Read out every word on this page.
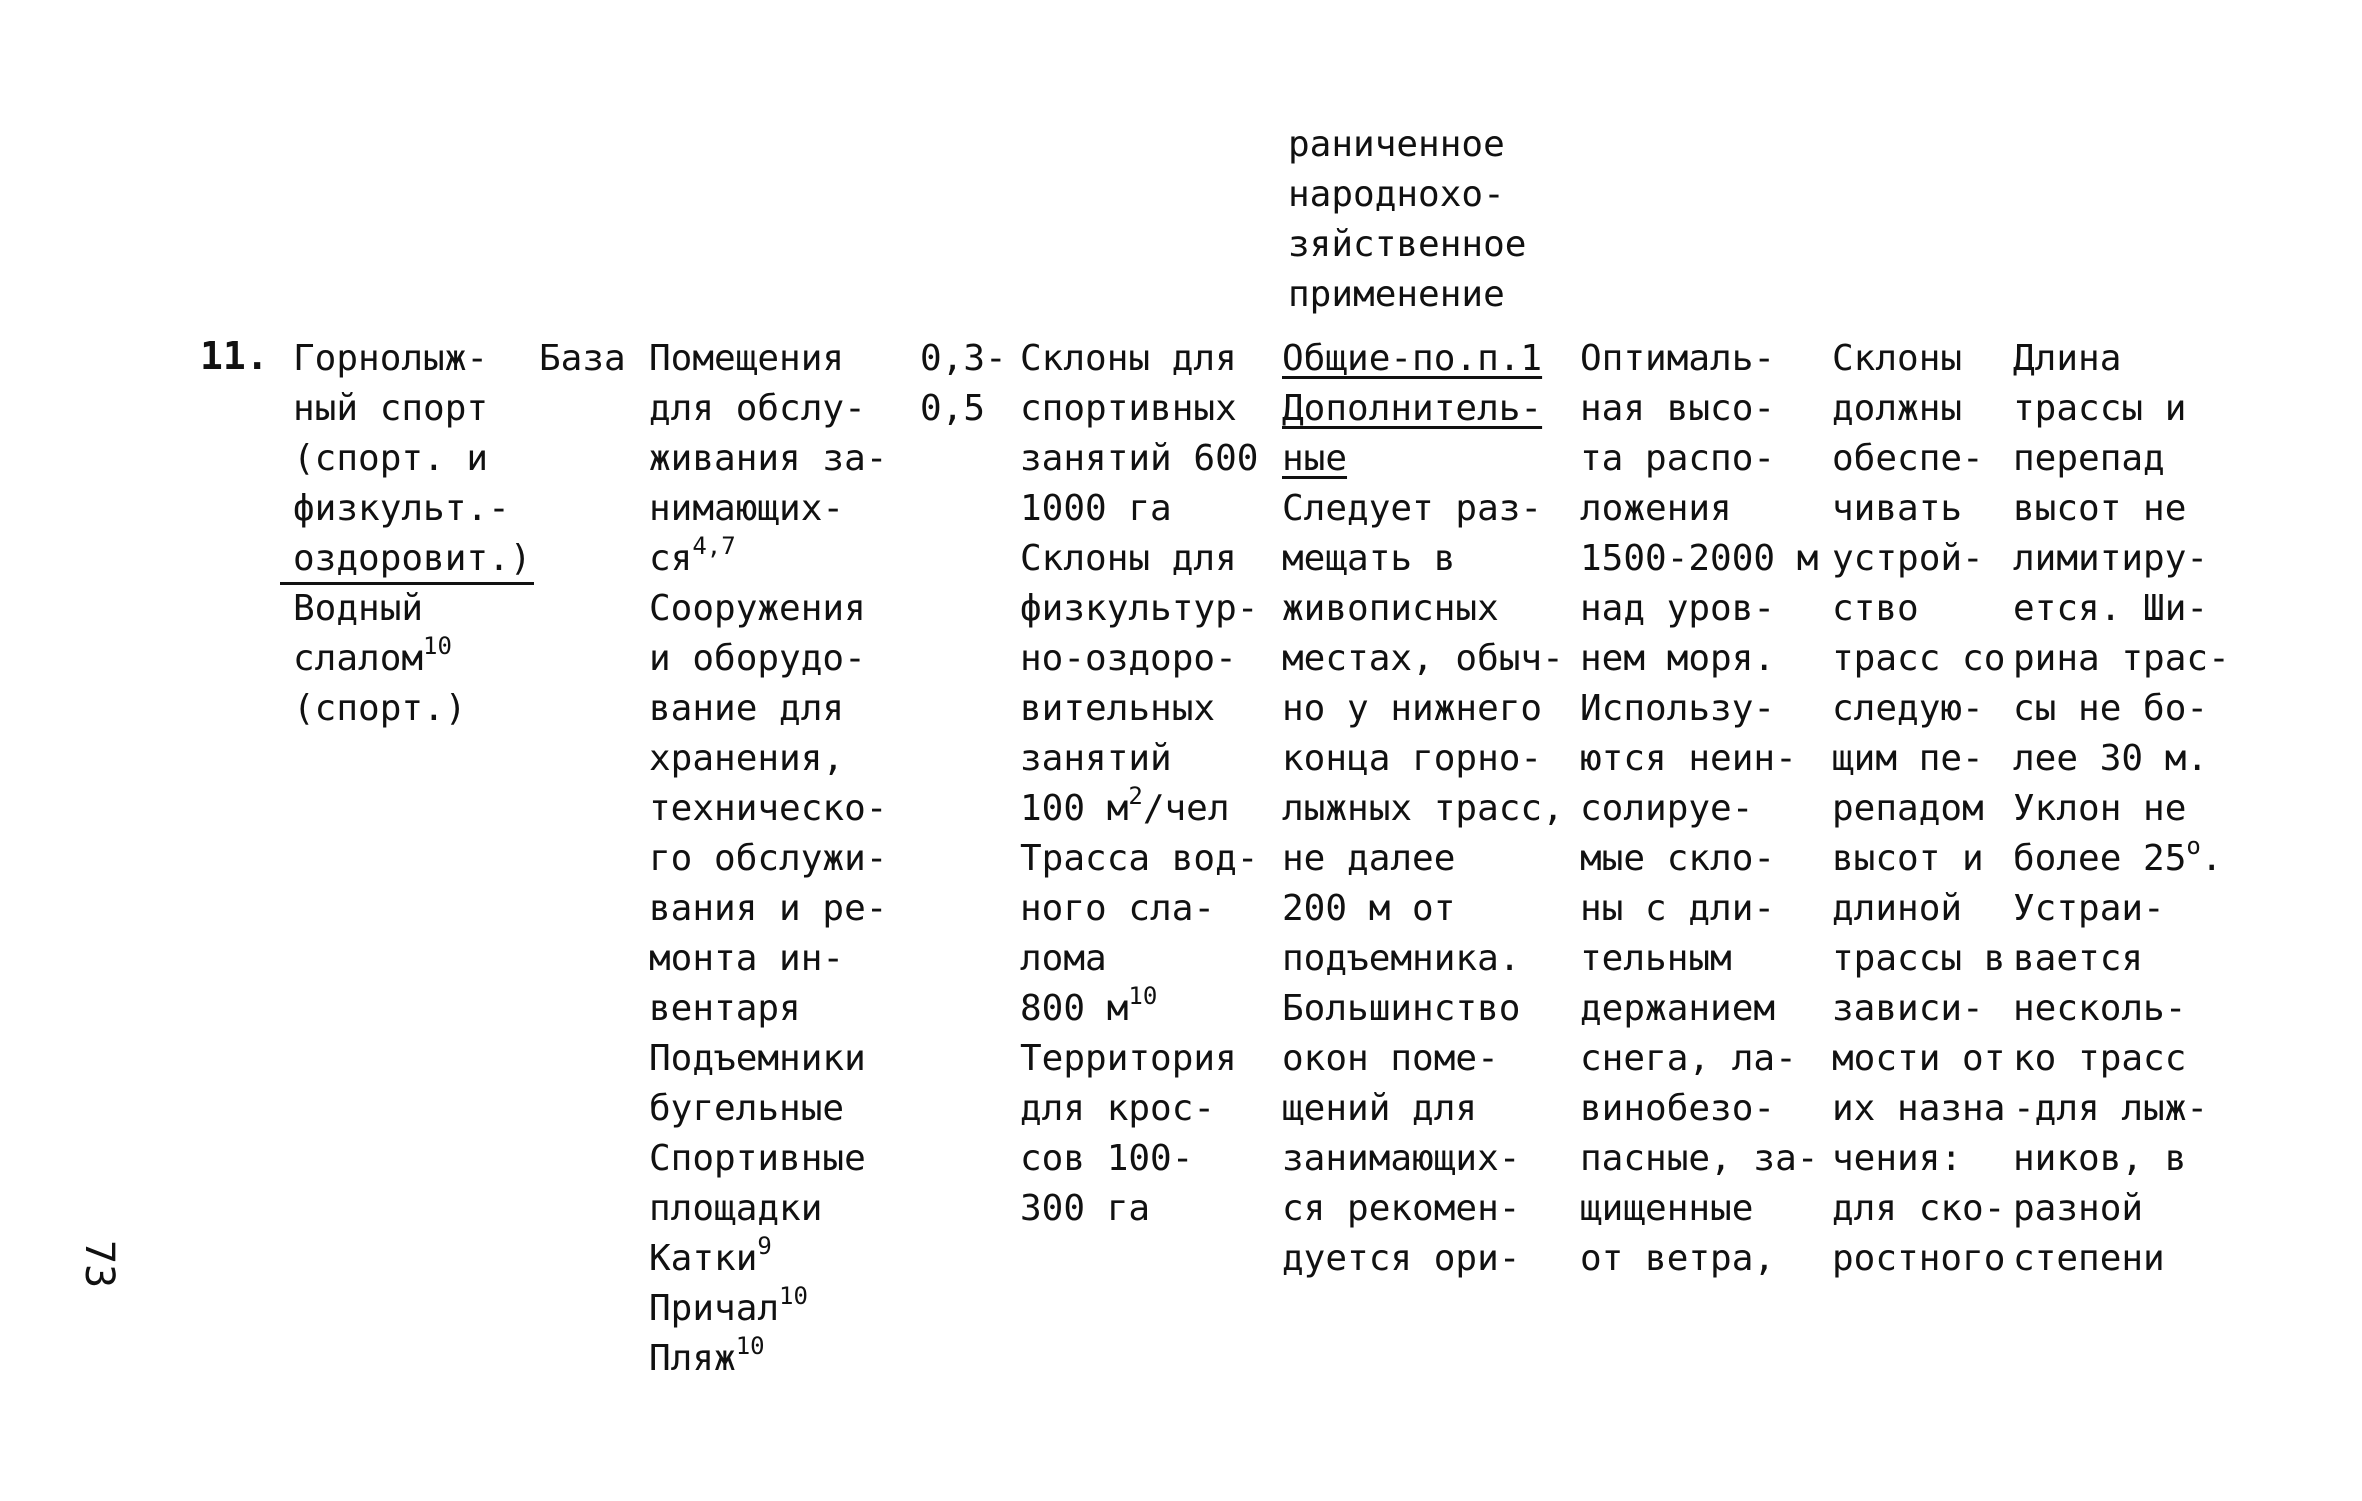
раниченное
народнохо-
зяйственное
применение
11. Горнолыж-
ный спорт
(спорт. и
физкульт.-
оздоровит.)
Водный
слалом$^{10}$
(спорт.)
База Помещения
для обслу-
живания за-
нимающих-
ся$^{4,7}$
Сооружения
и оборудо-
вание для
хранения,
техническо-
го обслужи-
вания и ре-
монта ин-
вентаря
Подъемники
бугельные
Спортивные
площадки
Катки$^9$
Причал$^{10}$
Пляж$^{10}$
0,3-
0,5
Склоны для
спортивных
занятий 600
1000 га
Склоны для
физкультур-
но-оздоро-
вительных
занятий
100 $м^2$/чел
Трасса вод-
ного сла-
лома
800 $м^{10}$
Территория
для крос-
сов 100-
300 га
Общие-по.п.1
Дополнитель-
ные
Следует раз-
мещать в
живописных
местах, обыч-
но у нижнего
конца горно-
лыжных трасс,
не далее
200 м от
подъемника.
Большинство
окон поме-
щений для
занимающих-
ся рекомен-
дуется ори-
Оптималь-
ная высо-
та распо-
ложения
1500-2000 м
над уров-
нем моря.
Использу-
ются неин-
солируе-
мые скло-
ны с дли-
тельным
держанием
снега, ла-
винобезо-
пасные, за-
щищенные
от ветра,
Склоны
должны
обеспе-
чивать
устрой-
ство
трасс со
следую-
щим пе-
репадом
высот и
длиной
трассы в
зависи-
мости от
их назна
чения:
для ско-
ростного
Длина
трассы и
перепад
высот не
лимитиру-
ется. Ши-
рина трас-
сы не бо-
лее 30 м.
Уклон не
более $25^о$.
Устраи-
вается
несколь-
ко трасс
-для лыж-
ников, в
разной
степени
73
